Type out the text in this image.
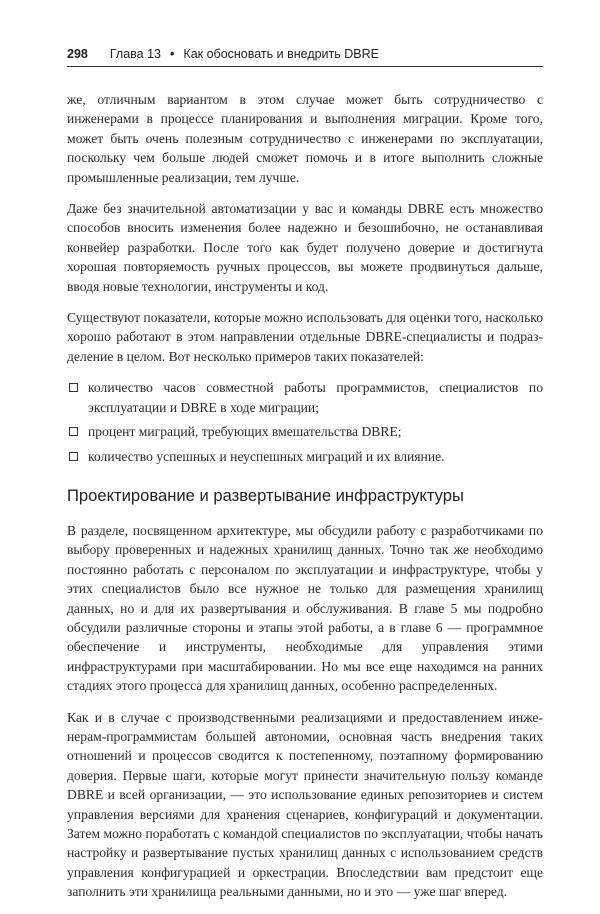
298 Глава 13 • Как обосновать и внедрить DBRE

же, отличным вариантом в этом случае может быть сотрудничество с инженерами в процессе планирования и выполнения миграции. Кроме того, может быть очень полезным сотрудничество с инженерами по эксплуатации, поскольку чем больше людей сможет помочь и в итоге выполнить сложные промышленные реализации, тем лучше.

Даже без значительной автоматизации у вас и команды DBRE есть множество способов вносить изменения более надежно и безошибочно, не останавливая конвейер разработки. После того как будет получено доверие и достигнута хорошая повторяемость ручных процессов, вы можете продвинуться дальше, вводя новые технологии, инструменты и код.

Существуют показатели, которые можно использовать для оценки того, насколько хорошо работают в этом направлении отдельные DBRE-специалисты и подразделение в целом. Вот несколько примеров таких показателей:

количество часов совместной работы программистов, специалистов по эксплуатации и DBRE в ходе миграции;
процент миграций, требующих вмешательства DBRE;
количество успешных и неуспешных миграций и их влияние.
Проектирование и развертывание инфраструктуры

В разделе, посвященном архитектуре, мы обсудили работу с разработчиками по выбору проверенных и надежных хранилищ данных. Точно так же необходимо постоянно работать с персоналом по эксплуатации и инфраструктуре, чтобы у этих специалистов было все нужное не только для размещения хранилищ данных, но и для их развертывания и обслуживания. В главе 5 мы подробно обсудили различные стороны и этапы этой работы, а в главе 6 — программное обеспечение и инструменты, необходимые для управления этими инфраструктурами при масштабировании. Но мы все еще находимся на ранних стадиях этого процесса для хранилищ данных, особенно распределенных.

Как и в случае с производственными реализациями и предоставлением инженерам-программистам большей автономии, основная часть внедрения таких отношений и процессов сводится к постепенному, поэтапному формированию доверия. Первые шаги, которые могут принести значительную пользу команде DBRE и всей организации, — это использование единых репозиториев и систем управления версиями для хранения сценариев, конфигураций и документации. Затем можно поработать с командой специалистов по эксплуатации, чтобы начать настройку и развертывание пустых хранилищ данных с использованием средств управления конфигурацией и оркестрации. Впоследствии вам предстоит еще заполнить эти хранилища реальными данными, но и это — уже шаг вперед.
